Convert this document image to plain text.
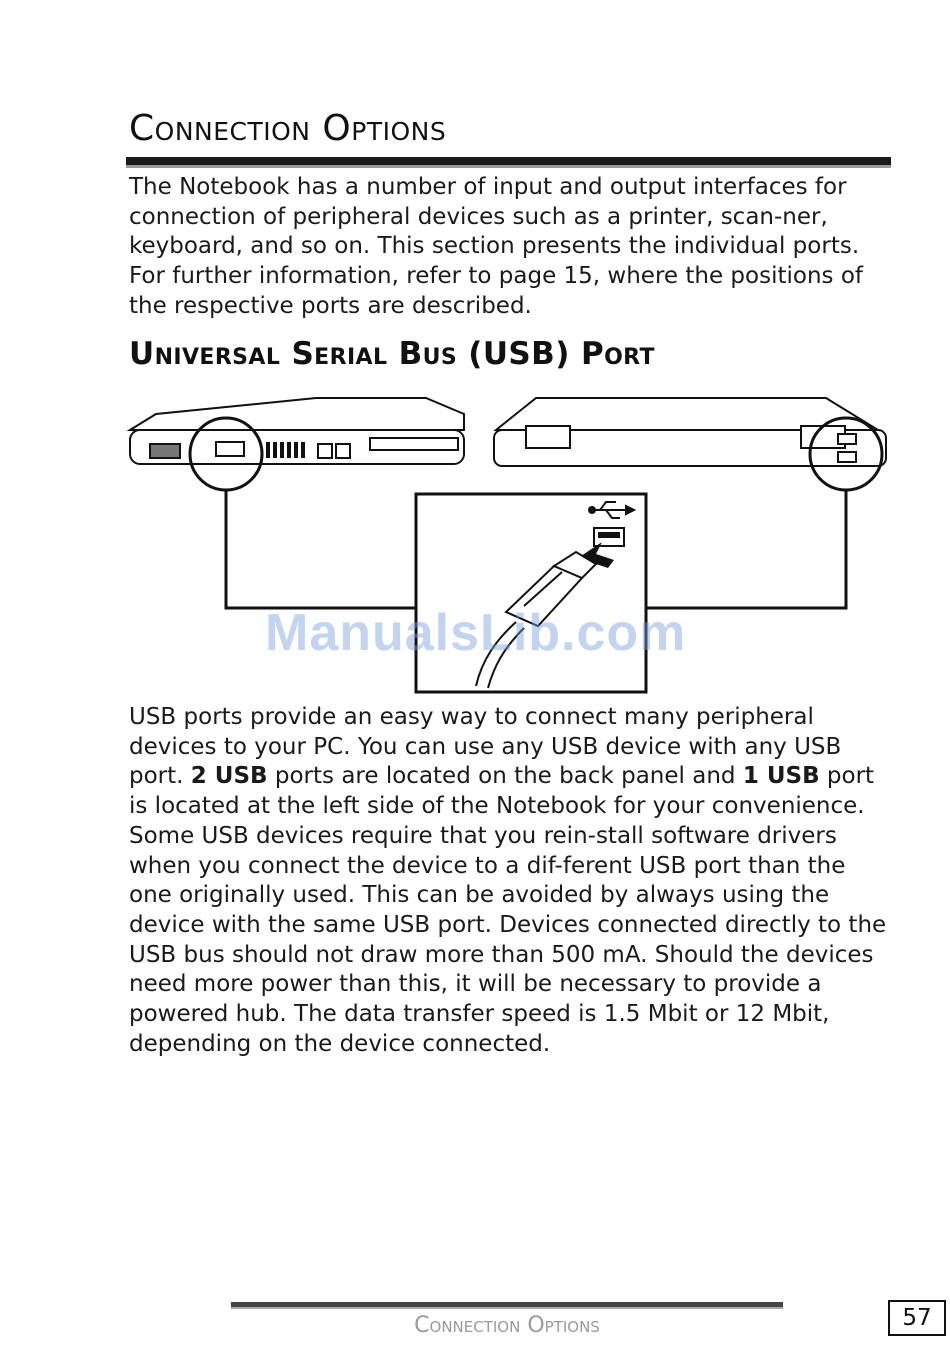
Connection Options

The Notebook has a number of input and output interfaces for connection of peripheral devices such as a printer, scan-ner, keyboard, and so on. This section presents the individual ports. For further information, refer to page 15, where the positions of the respective ports are described.

Universal Serial Bus (USB) Port
ManualsLib.com

USB ports provide an easy way to connect many peripheral devices to your PC. You can use any USB device with any USB port. 2 USB ports are located on the back panel and 1 USB port is located at the left side of the Notebook for your convenience. Some USB devices require that you rein-stall software drivers when you connect the device to a dif-ferent USB port than the one originally used. This can be avoided by always using the device with the same USB port. Devices connected directly to the USB bus should not draw more than 500 mA. Should the devices need more power than this, it will be necessary to provide a powered hub. The data transfer speed is 1.5 Mbit or 12 Mbit, depending on the device connected.

Connection Options	57
